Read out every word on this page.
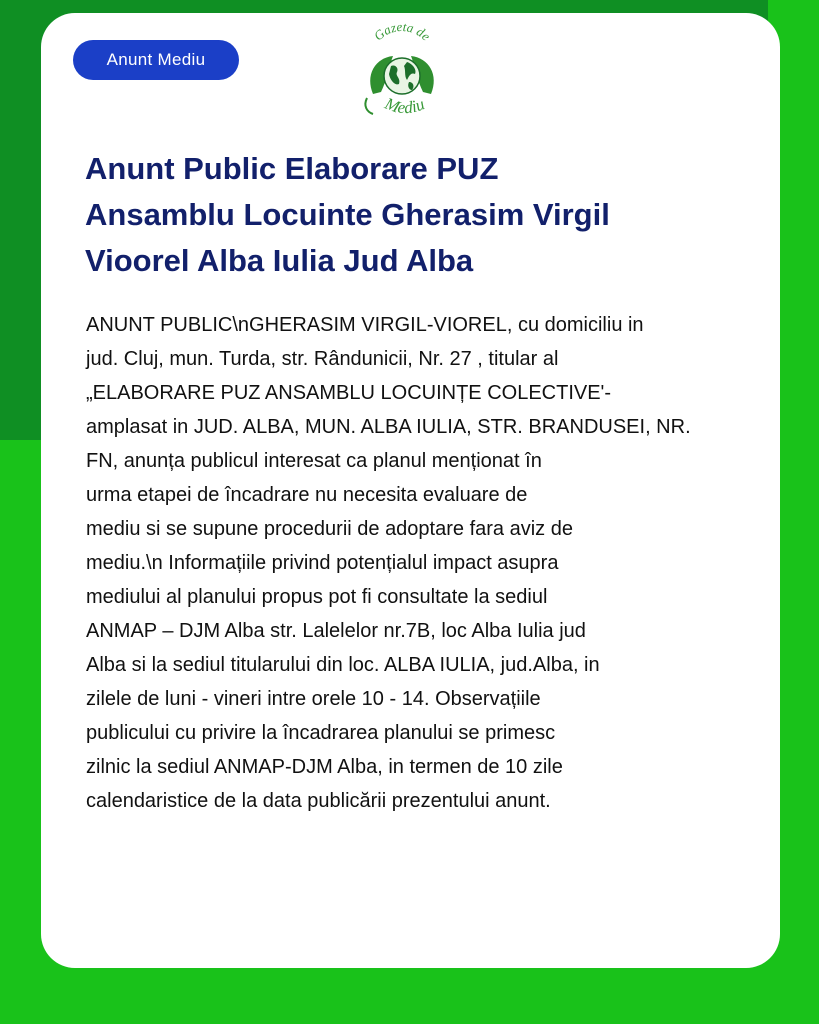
Anunt Mediu
Gazeta de
Mediu
Anunt Public Elaborare PUZ
Ansamblu Locuinte Gherasim Virgil
Vioorel Alba Iulia Jud Alba

ANUNT PUBLIC\nGHERASIM VIRGIL-VIOREL, cu domiciliu in
jud. Cluj, mun. Turda, str. Rândunicii, Nr. 27 , titular al
„ELABORARE PUZ ANSAMBLU LOCUINȚE COLECTIVE'-
amplasat in JUD. ALBA, MUN. ALBA IULIA, STR. BRANDUSEI, NR.
FN, anunța publicul interesat ca planul menționat în
urma etapei de încadrare nu necesita evaluare de
mediu si se supune procedurii de adoptare fara aviz de
mediu.\n Informațiile privind potențialul impact asupra
mediului al planului propus pot fi consultate la sediul
ANMAP – DJM Alba str. Lalelelor nr.7B, loc Alba Iulia jud
Alba si la sediul titularului din loc. ALBA IULIA, jud.Alba, in
zilele de luni - vineri intre orele 10 - 14. Observațiile
publicului cu privire la încadrarea planului se primesc
zilnic la sediul ANMAP-DJM Alba, in termen de 10 zile
calendaristice de la data publicării prezentului anunt.
